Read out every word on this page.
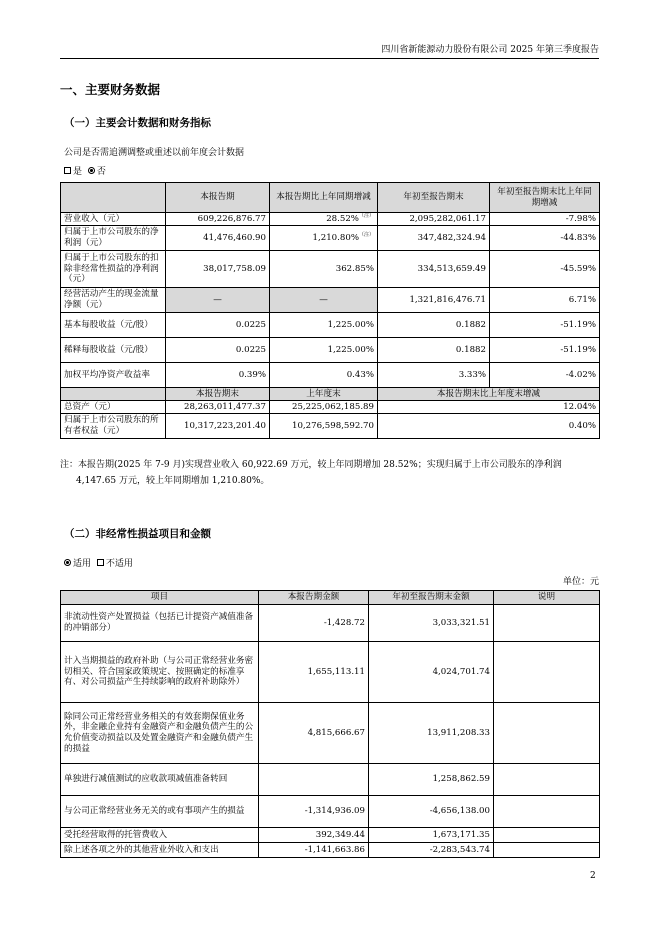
四川省新能源动力股份有限公司 2025 年第三季度报告
一、主要财务数据
（一）主要会计数据和财务指标
公司是否需追溯调整或重述以前年度会计数据
是 否
	本报告期	本报告期比上年同期增减	年初至报告期末	年初至报告期末比上年同期增减
营业收入（元）	609,226,876.77	28.52%$^{(注)}$	2,095,282,061.17	-7.98%
归属于上市公司股东的净利润（元）	41,476,460.90	1,210.80%$^{(注)}$	347,482,324.94	-44.83%
归属于上市公司股东的扣除非经常性损益的净利润（元）	38,017,758.09	362.85%	334,513,659.49	-45.59%
经营活动产生的现金流量净额（元）	—	—	1,321,816,476.71	6.71%
基本每股收益（元/股）	0.0225	1,225.00%	0.1882	-51.19%
稀释每股收益（元/股）	0.0225	1,225.00%	0.1882	-51.19%
加权平均净资产收益率	0.39%	0.43%	3.33%	-4.02%
	本报告期末	上年度末	本报告期末比上年度末增减	
总资产（元）	28,263,011,477.37	25,225,062,185.89	12.04%	
归属于上市公司股东的所有者权益（元）	10,317,223,201.40	10,276,598,592.70	0.40%	
注：本报告期(2025 年 7-9 月)实现营业收入 60,922.69 万元，较上年同期增加 28.52%；实现归属于上市公司股东的净利润
4,147.65 万元，较上年同期增加 1,210.80%。
（二）非经常性损益项目和金额
适用 不适用
单位：元
项目	本报告期金额	年初至报告期末金额	说明
非流动性资产处置损益（包括已计提资产减值准备的冲销部分）	-1,428.72	3,033,321.51	
计入当期损益的政府补助（与公司正常经营业务密切相关、符合国家政策规定、按照确定的标准享有、对公司损益产生持续影响的政府补助除外）	1,655,113.11	4,024,701.74	
除同公司正常经营业务相关的有效套期保值业务外，非金融企业持有金融资产和金融负债产生的公允价值变动损益以及处置金融资产和金融负债产生的损益	4,815,666.67	13,911,208.33	
单独进行减值测试的应收款项减值准备转回		1,258,862.59	
与公司正常经营业务无关的或有事项产生的损益	-1,314,936.09	-4,656,138.00	
受托经营取得的托管费收入	392,349.44	1,673,171.35	
除上述各项之外的其他营业外收入和支出	-1,141,663.86	-2,283,543.74	
2
